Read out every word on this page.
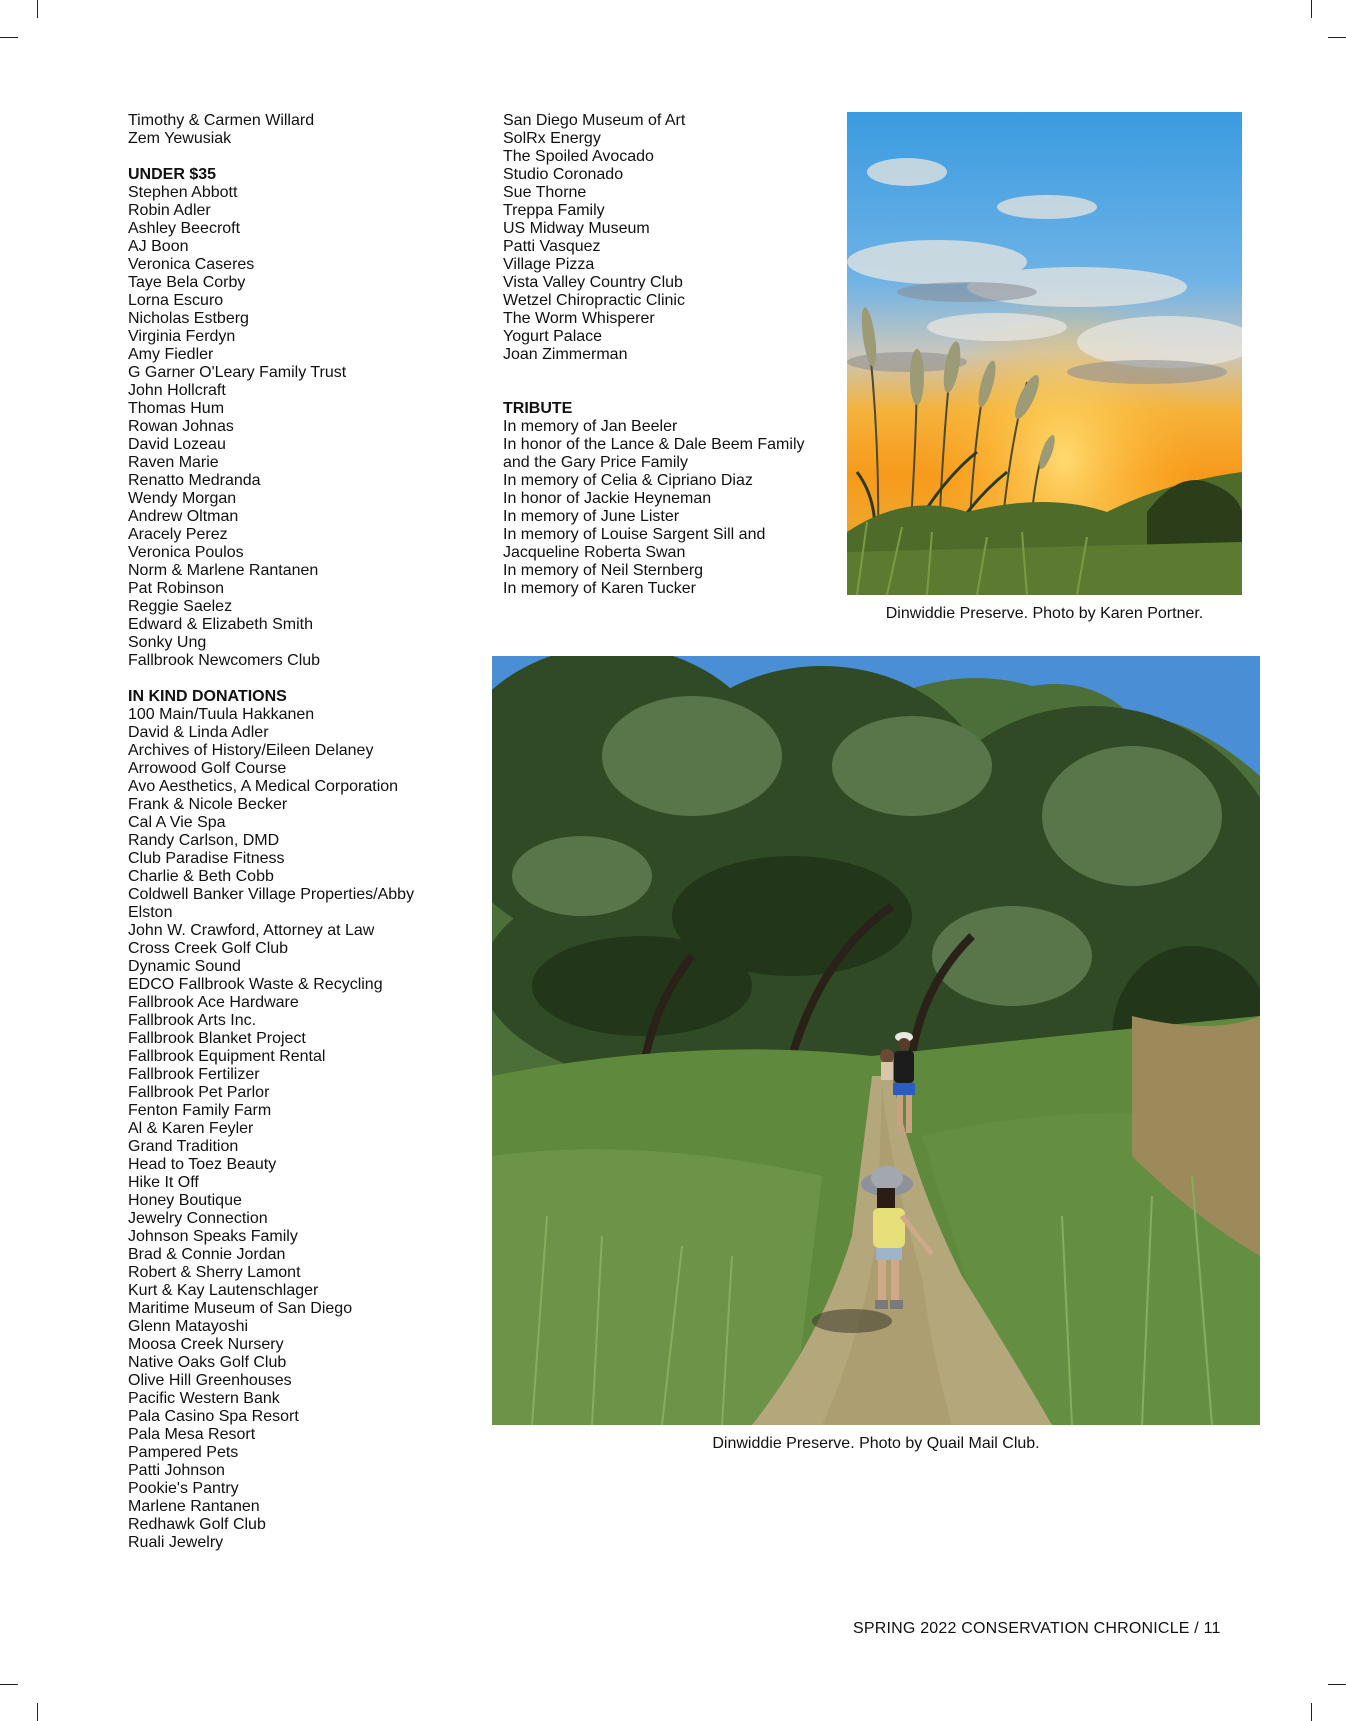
Timothy & Carmen Willard
Zem Yewusiak
UNDER $35
Stephen Abbott
Robin Adler
Ashley Beecroft
AJ Boon
Veronica Caseres
Taye Bela Corby
Lorna Escuro
Nicholas Estberg
Virginia Ferdyn
Amy Fiedler
G Garner O'Leary Family Trust
John Hollcraft
Thomas Hum
Rowan Johnas
David Lozeau
Raven Marie
Renatto Medranda
Wendy Morgan
Andrew Oltman
Aracely Perez
Veronica Poulos
Norm & Marlene Rantanen
Pat Robinson
Reggie Saelez
Edward & Elizabeth Smith
Sonky Ung
Fallbrook Newcomers Club
IN KIND DONATIONS
100 Main/Tuula Hakkanen
David & Linda Adler
Archives of History/Eileen Delaney
Arrowood Golf Course
Avo Aesthetics, A Medical Corporation
Frank & Nicole Becker
Cal A Vie Spa
Randy Carlson, DMD
Club Paradise Fitness
Charlie & Beth Cobb
Coldwell Banker Village Properties/Abby
Elston
John W. Crawford, Attorney at Law
Cross Creek Golf Club
Dynamic Sound
EDCO Fallbrook Waste & Recycling
Fallbrook Ace Hardware
Fallbrook Arts Inc.
Fallbrook Blanket Project
Fallbrook Equipment Rental
Fallbrook Fertilizer
Fallbrook Pet Parlor
Fenton Family Farm
Al & Karen Feyler
Grand Tradition
Head to Toez Beauty
Hike It Off
Honey Boutique
Jewelry Connection
Johnson Speaks Family
Brad & Connie Jordan
Robert & Sherry Lamont
Kurt & Kay Lautenschlager
Maritime Museum of San Diego
Glenn Matayoshi
Moosa Creek Nursery
Native Oaks Golf Club
Olive Hill Greenhouses
Pacific Western Bank
Pala Casino Spa Resort
Pala Mesa Resort
Pampered Pets
Patti Johnson
Pookie's Pantry
Marlene Rantanen
Redhawk Golf Club
Ruali Jewelry
San Diego Museum of Art
SolRx Energy
The Spoiled Avocado
Studio Coronado
Sue Thorne
Treppa Family
US Midway Museum
Patti Vasquez
Village Pizza
Vista Valley Country Club
Wetzel Chiropractic Clinic
The Worm Whisperer
Yogurt Palace
Joan Zimmerman
TRIBUTE
In memory of Jan Beeler
In honor of the Lance & Dale Beem Family
and the Gary Price Family
In memory of Celia & Cipriano Diaz
In honor of Jackie Heyneman
In memory of June Lister
In memory of Louise Sargent Sill and
Jacqueline Roberta Swan
In memory of Neil Sternberg
In memory of Karen Tucker
Dinwiddie Preserve. Photo by Karen Portner.
Dinwiddie Preserve. Photo by Quail Mail Club.
SPRING 2022 CONSERVATION CHRONICLE / 11
